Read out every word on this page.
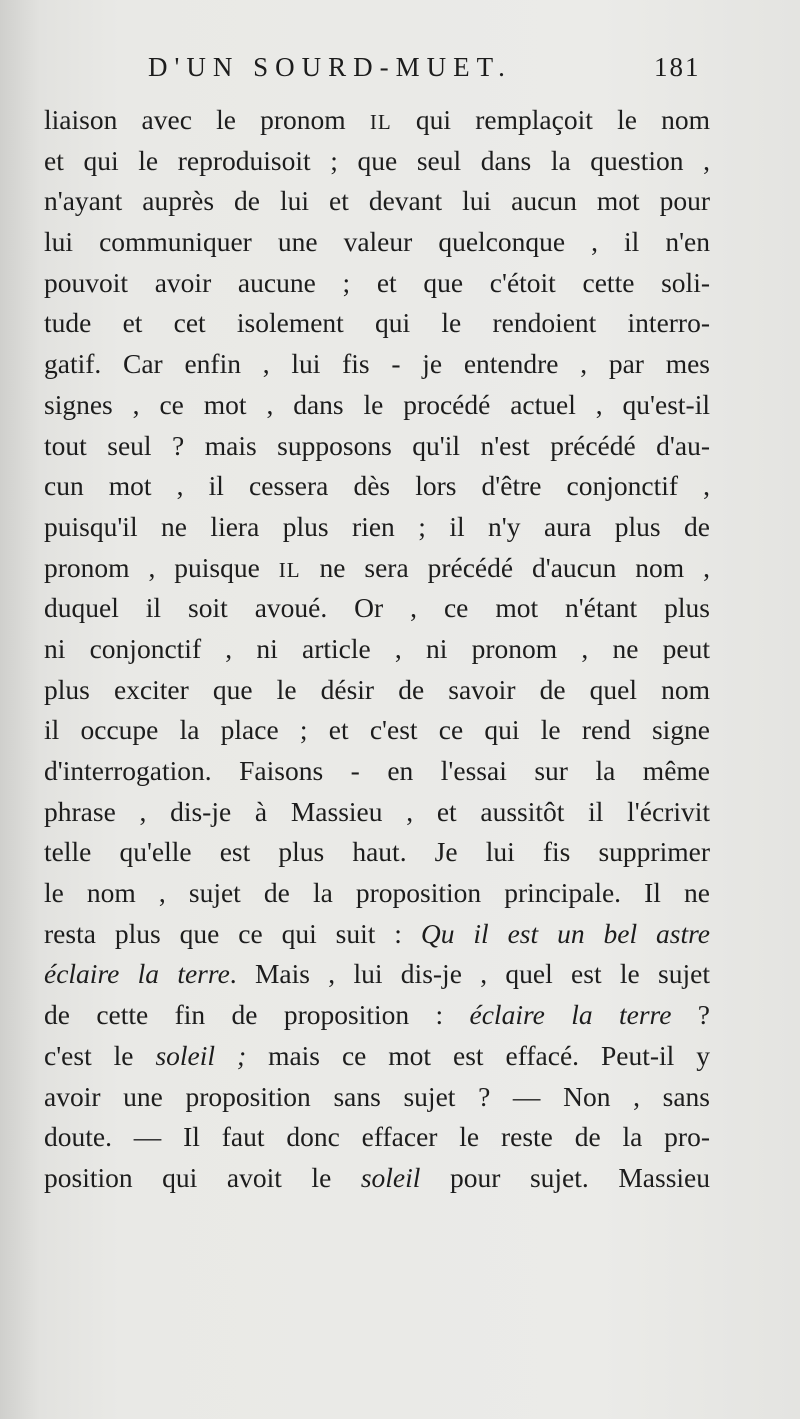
D'UN SOURD-MUET.	181
liaison avec le pronom IL qui remplaçoit le nom
et qui le reproduisoit ; que seul dans la question ,
n'ayant auprès de lui et devant lui aucun mot pour
lui communiquer une valeur quelconque , il n'en
pouvoit avoir aucune ; et que c'étoit cette soli-
tude et cet isolement qui le rendoient interro-
gatif. Car enfin , lui fis - je entendre , par mes
signes , ce mot , dans le procédé actuel , qu'est-il
tout seul ? mais supposons qu'il n'est précédé d'au-
cun mot , il cessera dès lors d'être conjonctif ,
puisqu'il ne liera plus rien ; il n'y aura plus de
pronom , puisque IL ne sera précédé d'aucun nom ,
duquel il soit avoué. Or , ce mot n'étant plus
ni conjonctif , ni article , ni pronom , ne peut
plus exciter que le désir de savoir de quel nom
il occupe la place ; et c'est ce qui le rend signe
d'interrogation. Faisons - en l'essai sur la même
phrase , dis-je à Massieu , et aussitôt il l'écrivit
telle qu'elle est plus haut. Je lui fis supprimer
le nom , sujet de la proposition principale. Il ne
resta plus que ce qui suit : Qu il est un bel astre
éclaire la terre. Mais , lui dis-je , quel est le sujet
de cette fin de proposition : éclaire la terre ?
c'est le soleil ; mais ce mot est effacé. Peut-il y
avoir une proposition sans sujet ? — Non , sans
doute. — Il faut donc effacer le reste de la pro-
position qui avoit le soleil pour sujet. Massieu
